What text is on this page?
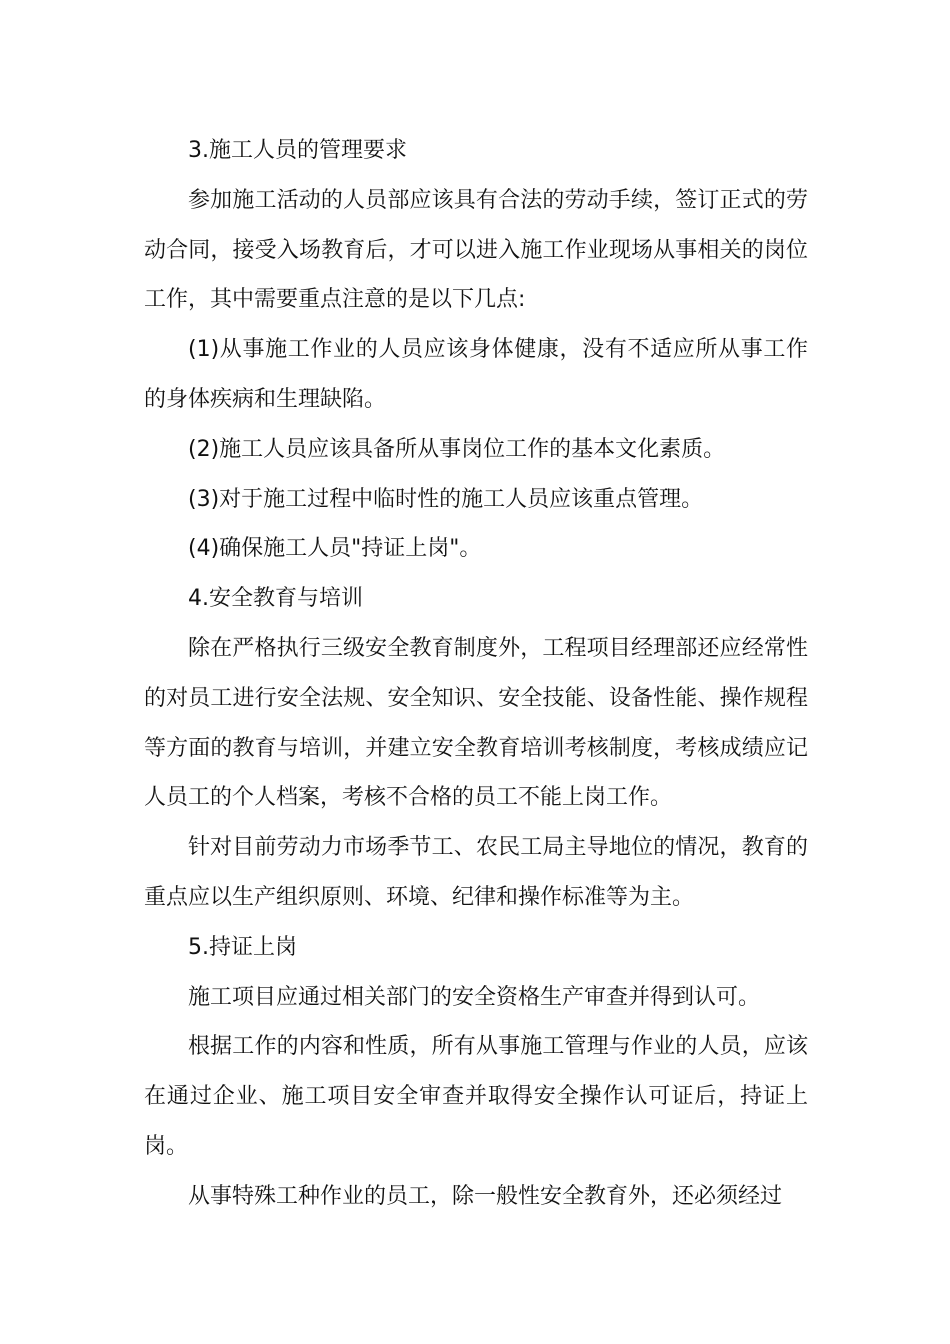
3.施工人员的管理要求

参加施工活动的人员部应该具有合法的劳动手续，签订正式的劳动合同，接受入场教育后，才可以进入施工作业现场从事相关的岗位工作，其中需要重点注意的是以下几点:

(1)从事施工作业的人员应该身体健康，没有不适应所从事工作的身体疾病和生理缺陷。

(2)施工人员应该具备所从事岗位工作的基本文化素质。

(3)对于施工过程中临时性的施工人员应该重点管理。

(4)确保施工人员"持证上岗"。

4.安全教育与培训

除在严格执行三级安全教育制度外，工程项目经理部还应经常性的对员工进行安全法规、安全知识、安全技能、设备性能、操作规程等方面的教育与培训，并建立安全教育培训考核制度，考核成绩应记人员工的个人档案，考核不合格的员工不能上岗工作。

针对目前劳动力市场季节工、农民工局主导地位的情况，教育的重点应以生产组织原则、环境、纪律和操作标准等为主。

5.持证上岗

施工项目应通过相关部门的安全资格生产审查并得到认可。

根据工作的内容和性质，所有从事施工管理与作业的人员，应该在通过企业、施工项目安全审查并取得安全操作认可证后，持证上岗。

从事特殊工种作业的员工，除一般性安全教育外，还必须经过
